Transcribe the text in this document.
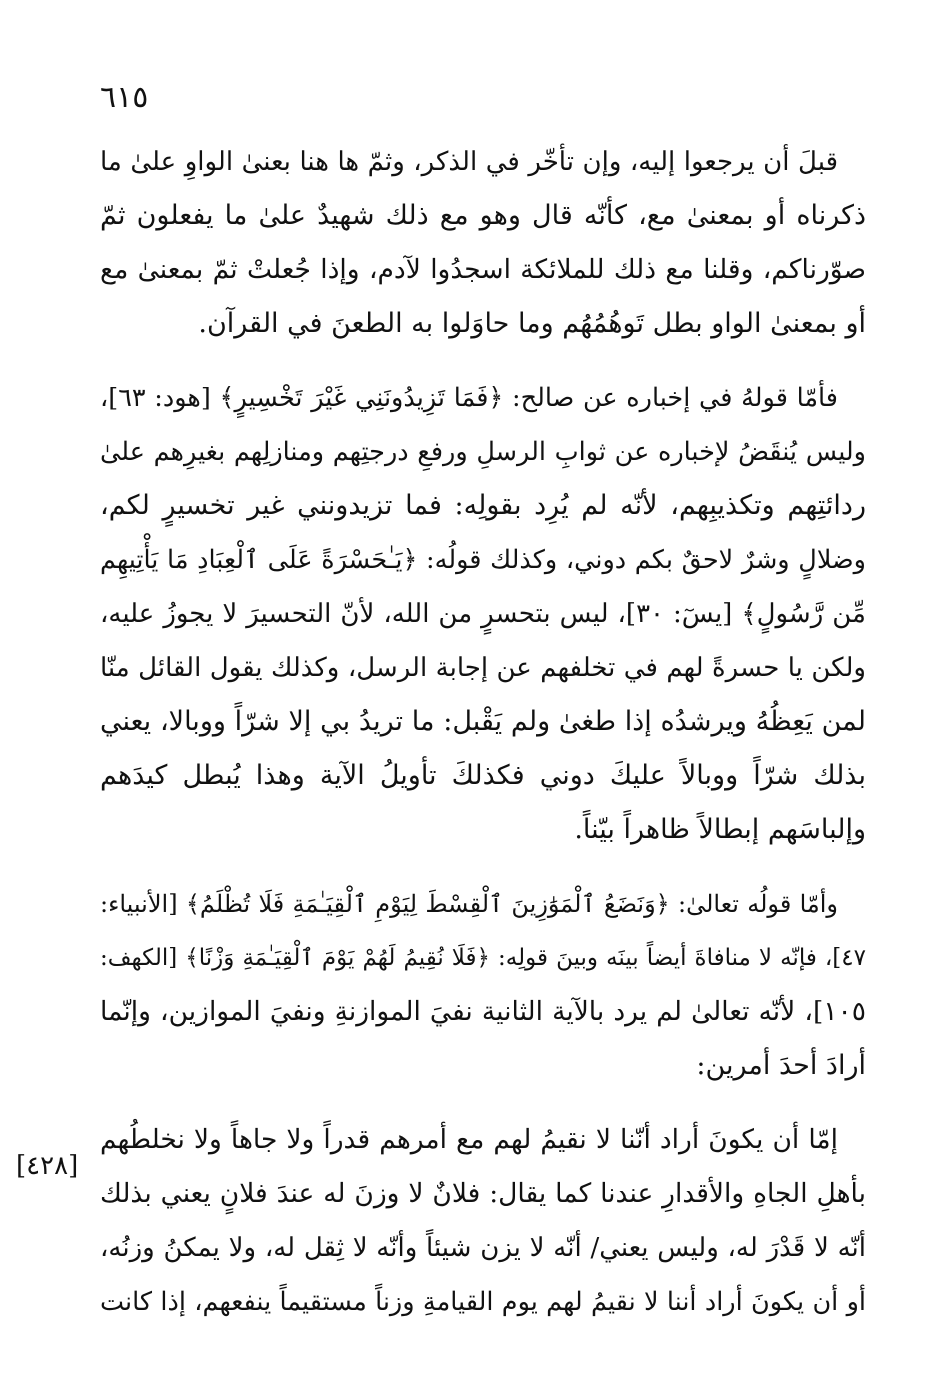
٦١٥
[٤٢٨]

قبلَ أن يرجعوا إليه، وإن تأخّر في الذكر، وثمّ ها هنا بعنىٰ الواوِ علىٰ ما
ذكرناه أو بمعنىٰ مع، كأنّه قال وهو مع ذلك شهيدٌ علىٰ ما يفعلون ثمّ
صوّرناكم، وقلنا مع ذلك للملائكة اسجدُوا لآدم، وإذا جُعلتْ ثمّ بمعنىٰ مع
أو بمعنىٰ الواو بطل تَوهُمُهُم وما حاوَلوا به الطعنَ في القرآن.

فأمّا قولهُ في إخباره عن صالح: ﴿فَمَا تَزِيدُونَنِي غَيْرَ تَخْسِيرٍ﴾ [هود: ٦٣]،
وليس يُنقَضُ لإخباره عن ثوابِ الرسلِ ورفعِ درجتِهم ومنازلِهم بغيرِهم علىٰ
ردائتِهم وتكذيبِهم، لأنّه لم يُرِد بقولِه: فما تزيدونني غير تخسيرٍ لكم،
وضلالٍ وشرٌ لاحقٌ بكم دوني، وكذلك قولُه: ﴿يَـٰحَسْرَةً عَلَى ٱلْعِبَادِ مَا يَأْتِيهِم
مِّن رَّسُولٍ﴾ [يسٓ: ٣٠]، ليس بتحسرٍ من الله، لأنّ التحسيرَ لا يجوزُ عليه،
ولكن يا حسرةً لهم في تخلفهم عن إجابة الرسل، وكذلك يقول القائل منّا
لمن يَعِظُهُ ويرشدُه إذا طغىٰ ولم يَقْبل: ما تريدُ بي إلا شرّاً ووبالا، يعني
بذلك شرّاً ووبالاً عليكَ دوني فكذلكَ تأويلُ الآية وهذا يُبطل كيدَهم
وإلباسَهم إبطالاً ظاهراً بيّناً.

وأمّا قولُه تعالىٰ: ﴿وَنَضَعُ ٱلْمَوَٰزِينَ ٱلْقِسْطَ لِيَوْمِ ٱلْقِيَـٰمَةِ فَلَا تُظْلَمُ﴾ [الأنبياء:
٤٧]، فإنّه لا منافاةَ أيضاً بينَه وبينَ قولِه: ﴿فَلَا نُقِيمُ لَهُمْ يَوْمَ ٱلْقِيَـٰمَةِ وَزْنًا﴾ [الكهف:
١٠٥]، لأنّه تعالىٰ لم يرد بالآية الثانية نفيَ الموازنةِ ونفيَ الموازين، وإنّما
أرادَ أحدَ أمرين:

إمّا أن يكونَ أراد أنّنا لا نقيمُ لهم مع أمرهم قدراً ولا جاهاً ولا نخلطُهم
بأهلِ الجاهِ والأقدارِ عندنا كما يقال: فلانٌ لا وزنَ له عندَ فلانٍ يعني بذلك
أنّه لا قَدْرَ له، وليس يعني/ أنّه لا يزن شيئاً وأنّه لا ثِقل له، ولا يمكنُ وزنُه،
أو أن يكونَ أراد أننا لا نقيمُ لهم يوم القيامةِ وزناً مستقيماً ينفعهم، إذا كانت
